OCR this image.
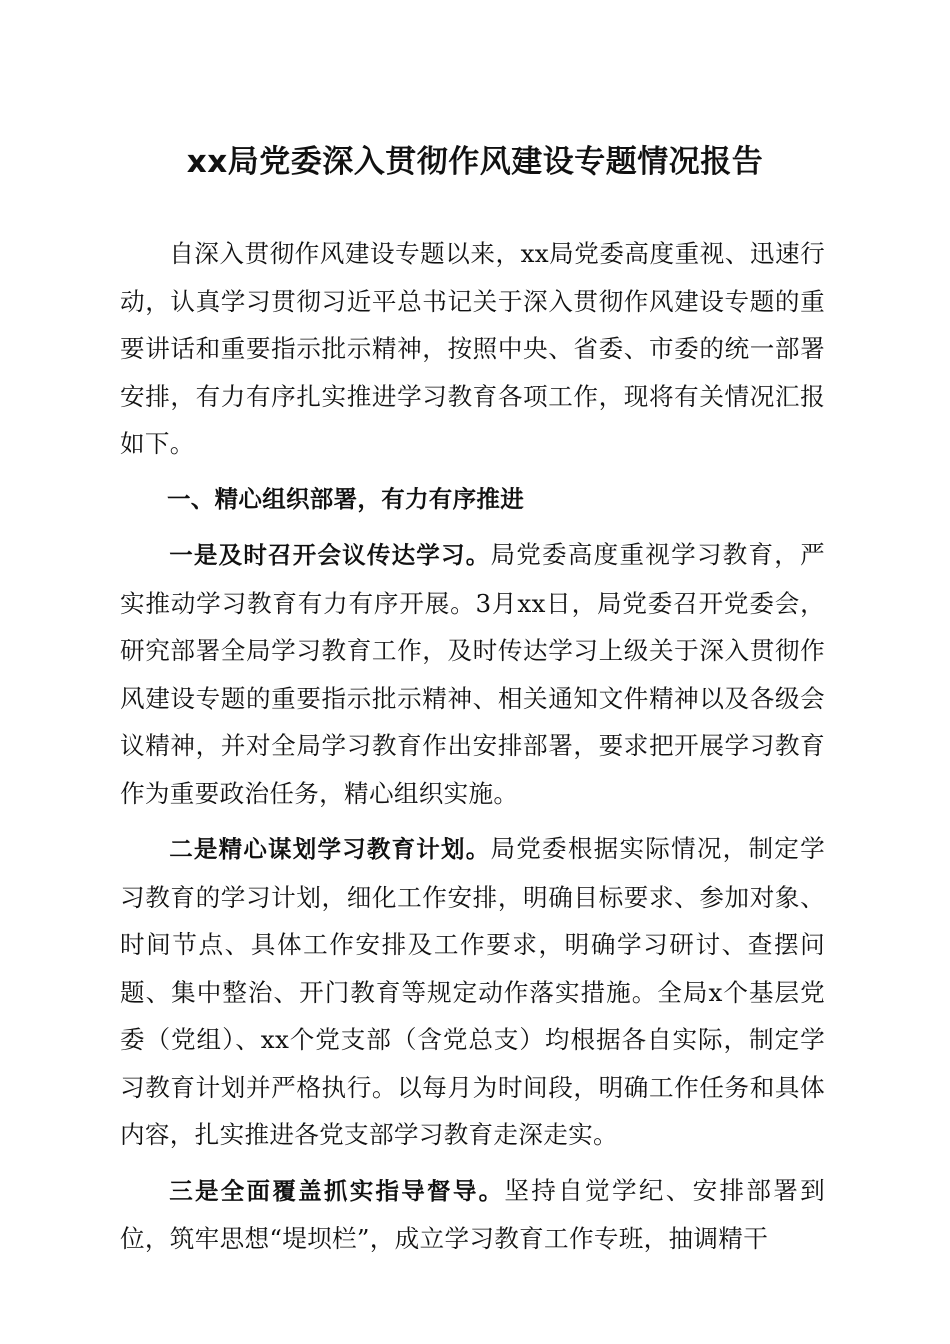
xx局党委深入贯彻作风建设专题情况报告

自深入贯彻作风建设专题以来，xx局党委高度重视、迅速行动，认真学习贯彻习近平总书记关于深入贯彻作风建设专题的重要讲话和重要指示批示精神，按照中央、省委、市委的统一部署安排，有力有序扎实推进学习教育各项工作，现将有关情况汇报如下。

一、精心组织部署，有力有序推进

一是及时召开会议传达学习。局党委高度重视学习教育，严实推动学习教育有力有序开展。3月xx日，局党委召开党委会，研究部署全局学习教育工作，及时传达学习上级关于深入贯彻作风建设专题的重要指示批示精神、相关通知文件精神以及各级会议精神，并对全局学习教育作出安排部署，要求把开展学习教育作为重要政治任务，精心组织实施。

二是精心谋划学习教育计划。局党委根据实际情况，制定学习教育的学习计划，细化工作安排，明确目标要求、参加对象、时间节点、具体工作安排及工作要求，明确学习研讨、查摆问题、集中整治、开门教育等规定动作落实措施。全局x个基层党委（党组）、xx个党支部（含党总支）均根据各自实际，制定学习教育计划并严格执行。以每月为时间段，明确工作任务和具体内容，扎实推进各党支部学习教育走深走实。

三是全面覆盖抓实指导督导。坚持自觉学纪、安排部署到位，筑牢思想“堤坝栏”，成立学习教育工作专班，抽调精干
